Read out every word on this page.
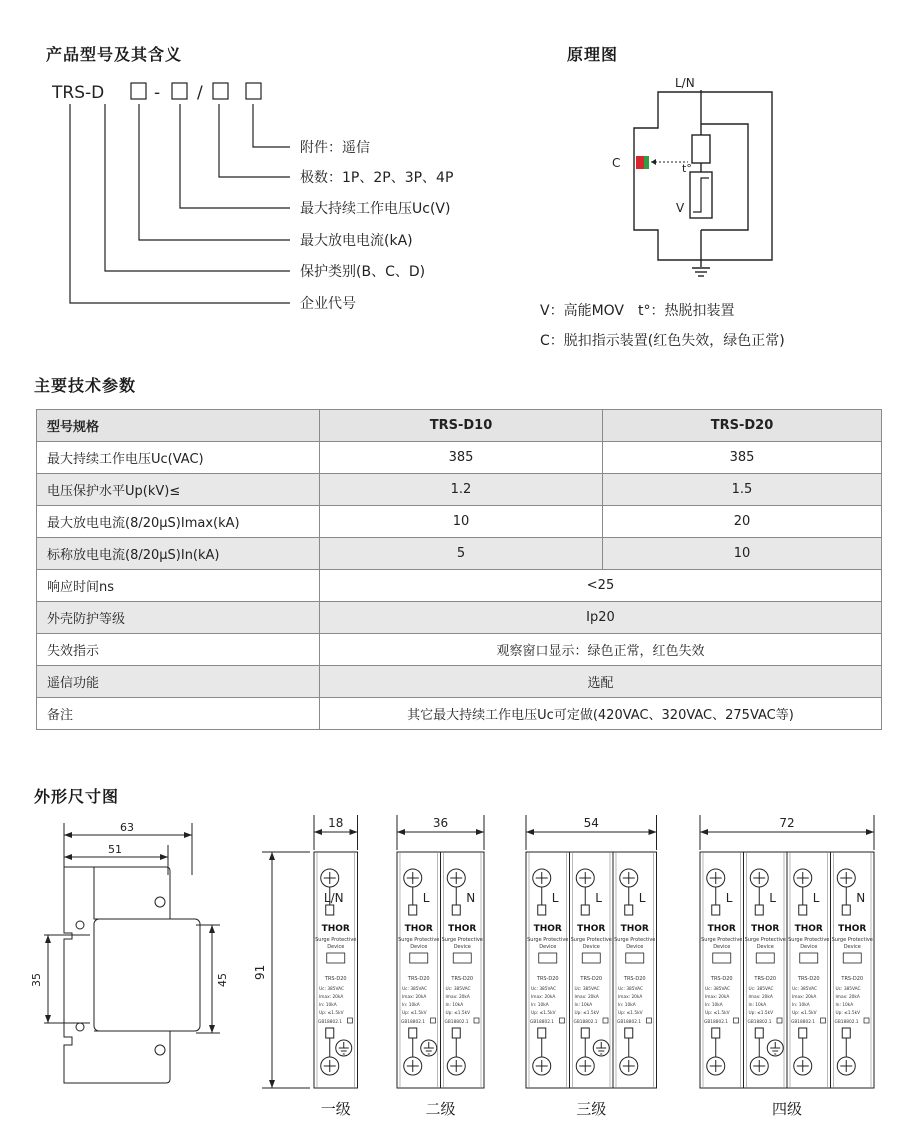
产品型号及其含义
TRS-D	- /
附件：遥信
极数：1P、2P、3P、4P
最大持续工作电压Uc(V)
最大放电电流(kA)
保护类别(B、C、D)
企业代号
原理图
L/N
t°
C
V
V：高能MOV　t°：热脱扣装置
C：脱扣指示装置(红色失效，绿色正常)
主要技术参数
型号规格	TRS-D10	TRS-D20
最大持续工作电压Uc(VAC)	385	385
电压保护水平Up(kV)≤	1.2	1.5
最大放电电流(8/20μS)Imax(kA)	10	20
标称放电电流(8/20μS)In(kA)	5	10
响应时间ns	<25	
外壳防护等级	Ip20	
失效指示	观察窗口显示：绿色正常，红色失效	
遥信功能	选配	
备注	其它最大持续工作电压Uc可定做(420VAC、320VAC、275VAC等)	
外形尺寸图
63
51
35	45 91
18
L/N
THOR
Surge Protective
Device
TRS-D20
Uc: 385VAC
Imax: 20kA
In: 10kA
Up: ≤1.5kV
GB18802.1
一级
36
L
THOR
Surge Protective
Device
TRS-D20
Uc: 385VAC
Imax: 20kA
In: 10kA
Up: ≤1.5kV
GB18802.1
N
THOR
Surge Protective
Device
TRS-D20
Uc: 385VAC
Imax: 20kA
In: 10kA
Up: ≤1.5kV
GB18802.1
二级
54
L
THOR
Surge Protective
Device
TRS-D20
Uc: 385VAC
Imax: 20kA
In: 10kA
Up: ≤1.5kV
GB18802.1
L
THOR
Surge Protective
Device
TRS-D20
Uc: 385VAC
Imax: 20kA
In: 10kA
Up: ≤1.5kV
GB18802.1
L
THOR
Surge Protective
Device
TRS-D20
Uc: 385VAC
Imax: 20kA
In: 10kA
Up: ≤1.5kV
GB18802.1
三级
72
L
THOR
Surge Protective
Device
TRS-D20
Uc: 385VAC
Imax: 20kA
In: 10kA
Up: ≤1.5kV
GB18802.1
L
THOR
Surge Protective
Device
TRS-D20
Uc: 385VAC
Imax: 20kA
In: 10kA
Up: ≤1.5kV
GB18802.1
L
THOR
Surge Protective
Device
TRS-D20
Uc: 385VAC
Imax: 20kA
In: 10kA
Up: ≤1.5kV
GB18802.1
N
THOR
Surge Protective
Device
TRS-D20
Uc: 385VAC
Imax: 20kA
In: 10kA
Up: ≤1.5kV
GB18802.1
四级
